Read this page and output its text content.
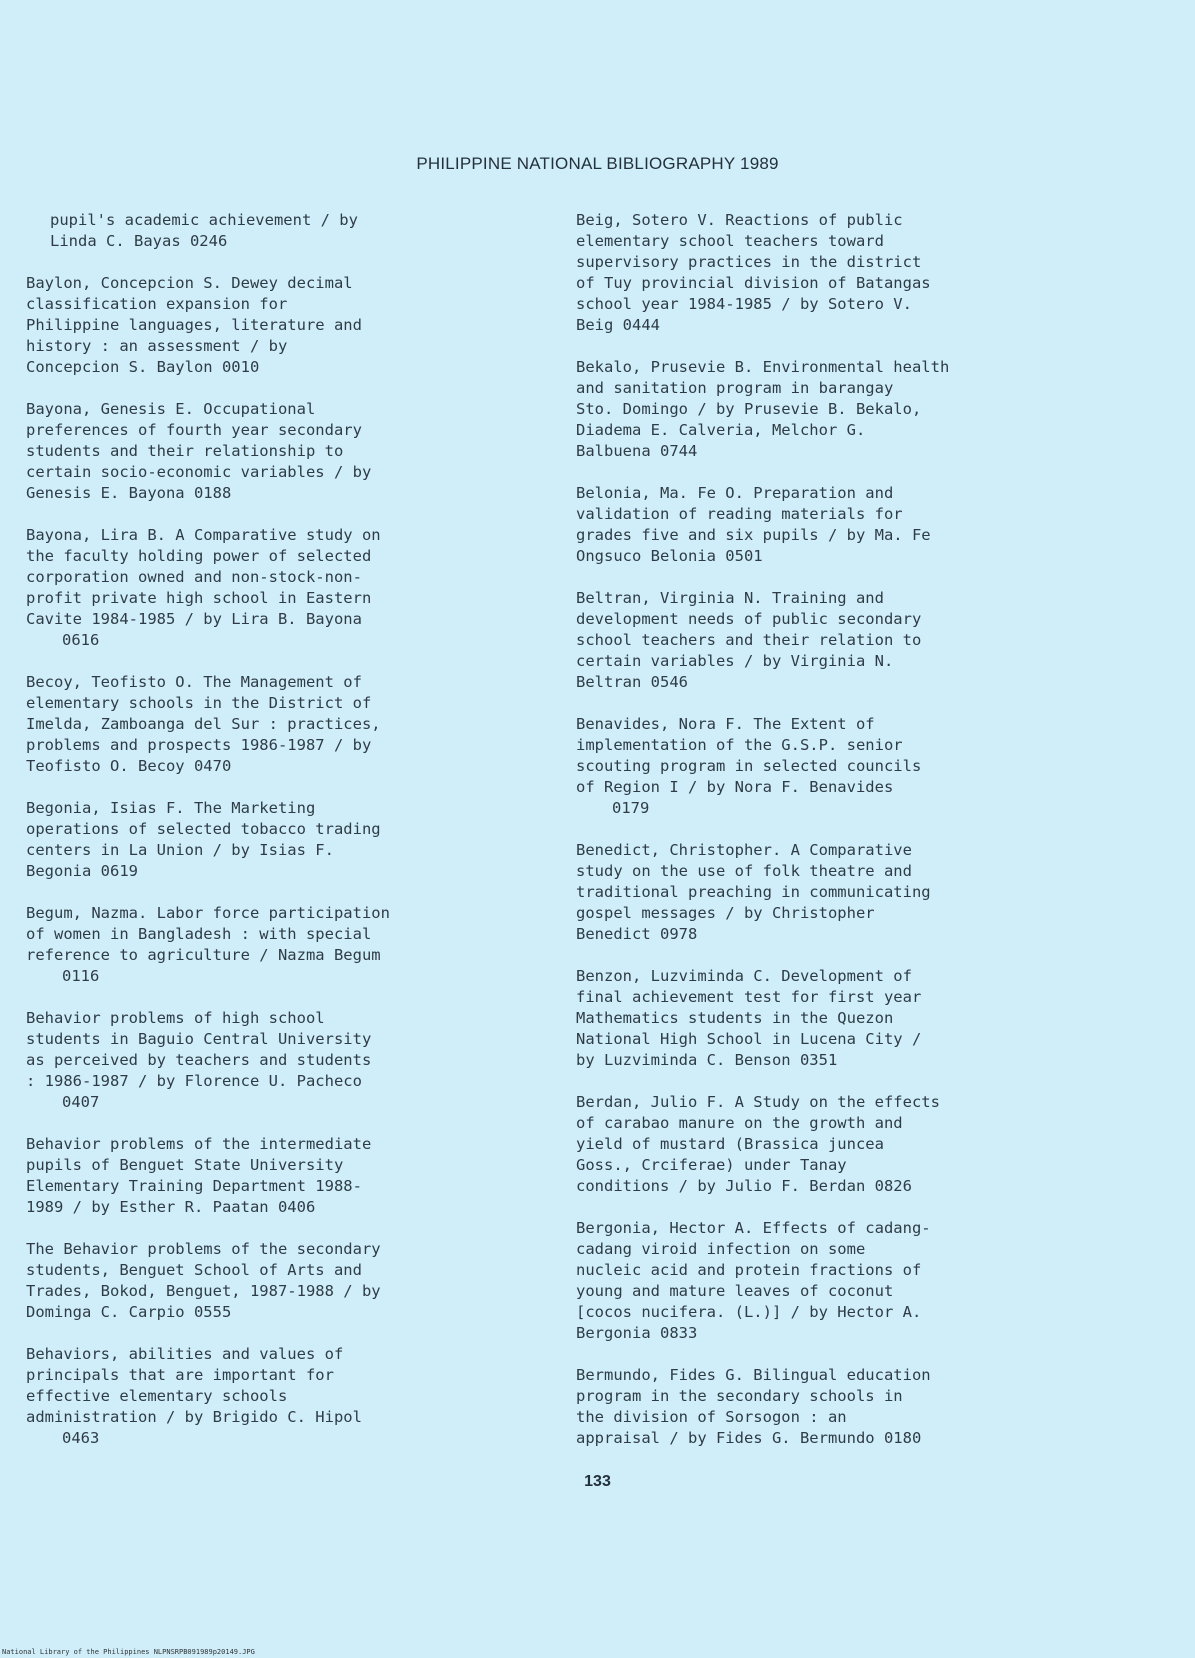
PHILIPPINE NATIONAL BIBLIOGRAPHY 1989
pupil's academic achievement / by
Linda C. Bayas 0246
Baylon, Concepcion S. Dewey decimal
classification expansion for
Philippine languages, literature and
history : an assessment / by
Concepcion S. Baylon 0010
Bayona, Genesis E. Occupational
preferences of fourth year secondary
students and their relationship to
certain socio-economic variables / by
Genesis E. Bayona 0188
Bayona, Lira B. A Comparative study on
the faculty holding power of selected
corporation owned and non-stock-non-
profit private high school in Eastern
Cavite 1984-1985 / by Lira B. Bayona
0616
Becoy, Teofisto O. The Management of
elementary schools in the District of
Imelda, Zamboanga del Sur : practices,
problems and prospects 1986-1987 / by
Teofisto O. Becoy 0470
Begonia, Isias F. The Marketing
operations of selected tobacco trading
centers in La Union / by Isias F.
Begonia 0619
Begum, Nazma. Labor force participation
of women in Bangladesh : with special
reference to agriculture / Nazma Begum
0116
Behavior problems of high school
students in Baguio Central University
as perceived by teachers and students
: 1986-1987 / by Florence U. Pacheco
0407
Behavior problems of the intermediate
pupils of Benguet State University
Elementary Training Department 1988-
1989 / by Esther R. Paatan 0406
The Behavior problems of the secondary
students, Benguet School of Arts and
Trades, Bokod, Benguet, 1987-1988 / by
Dominga C. Carpio 0555
Behaviors, abilities and values of
principals that are important for
effective elementary schools
administration / by Brigido C. Hipol
0463
Beig, Sotero V. Reactions of public
elementary school teachers toward
supervisory practices in the district
of Tuy provincial division of Batangas
school year 1984-1985 / by Sotero V.
Beig 0444
Bekalo, Prusevie B. Environmental health
and sanitation program in barangay
Sto. Domingo / by Prusevie B. Bekalo,
Diadema E. Calveria, Melchor G.
Balbuena 0744
Belonia, Ma. Fe O. Preparation and
validation of reading materials for
grades five and six pupils / by Ma. Fe
Ongsuco Belonia 0501
Beltran, Virginia N. Training and
development needs of public secondary
school teachers and their relation to
certain variables / by Virginia N.
Beltran 0546
Benavides, Nora F. The Extent of
implementation of the G.S.P. senior
scouting program in selected councils
of Region I / by Nora F. Benavides
0179
Benedict, Christopher. A Comparative
study on the use of folk theatre and
traditional preaching in communicating
gospel messages / by Christopher
Benedict 0978
Benzon, Luzviminda C. Development of
final achievement test for first year
Mathematics students in the Quezon
National High School in Lucena City /
by Luzviminda C. Benson 0351
Berdan, Julio F. A Study on the effects
of carabao manure on the growth and
yield of mustard (Brassica juncea
Goss., Crciferae) under Tanay
conditions / by Julio F. Berdan 0826
Bergonia, Hector A. Effects of cadang-
cadang viroid infection on some
nucleic acid and protein fractions of
young and mature leaves of coconut
[cocos nucifera. (L.)] / by Hector A.
Bergonia 0833
Bermundo, Fides G. Bilingual education
program in the secondary schools in
the division of Sorsogon : an
appraisal / by Fides G. Bermundo 0180
133
National Library of the Philippines NLPNSRPB091989p20149.JPG
